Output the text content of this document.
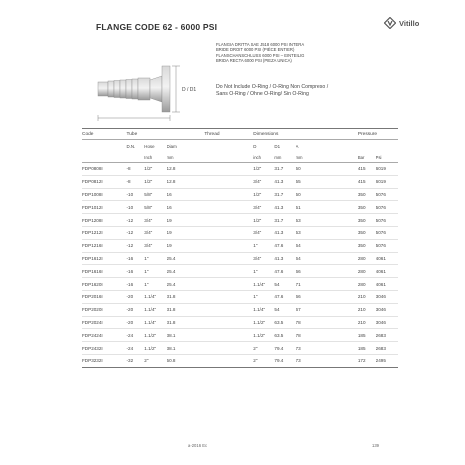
FLANGE CODE 62 - 6000 PSI	Vitillo
D / D1
FLANGIA DRITTA SAE J518 6000 PSI INTERA
BRIDE DROIT 6000 PSI (PIÈCE ENTIER)
FLANSCHANSCHLUSS 6000 PSI – EINTEILIG
BRIDA RECTA 6000 PSI (PIEZA UNICA)
Do Not Include O-Ring / O-Ring Non Compreso /
Sans O-Ring / Ohne O-Ring/ Sin O-Ring
Code	Tube			Thread	Dimensions			Pressure	
	D.N.	Hose	Diam		D	D1	A		
		Inch	mm		inch	mm	mm	Bar	Psi
FDP0808I	-8	1/2"	12.8		1/2"	31.7	50	415	6019
FDP0812I	-8	1/2"	12.8		3/4"	41.3	55	415	6019
FDP1008I	-10	5/8"	16		1/2"	31.7	50	350	5076
FDP1012I	-10	5/8"	16		3/4"	41.3	51	350	5076
FDP1208I	-12	3/4"	19		1/2"	31.7	53	350	5076
FDP1212I	-12	3/4"	19		3/4"	41.3	53	350	5076
FDP1216I	-12	3/4"	19		1"	47.6	64	350	5076
FDP1612I	-16	1"	25.4		3/4"	41.3	64	280	4061
FDP1616I	-16	1"	25.4		1"	47.6	66	280	4061
FDP1620I	-16	1"	25.4		1.1/4"	54	71	280	4061
FDP2016I	-20	1.1/4"	31.8		1"	47.6	66	210	3046
FDP2020I	-20	1.1/4"	31.8		1.1/4"	54	67	210	3046
FDP2024I	-20	1.1/4"	31.8		1.1/2"	63.5	78	210	3046
FDP2424I	-24	1.1/2"	38.1		1.1/2"	63.5	78	185	2683
FDP2432I	-24	1.1/2"	38.1		2"	79.4	73	185	2683
FDP3232I	-32	2"	50.8		2"	79.4	73	172	2495
a-2016 Ec	139
